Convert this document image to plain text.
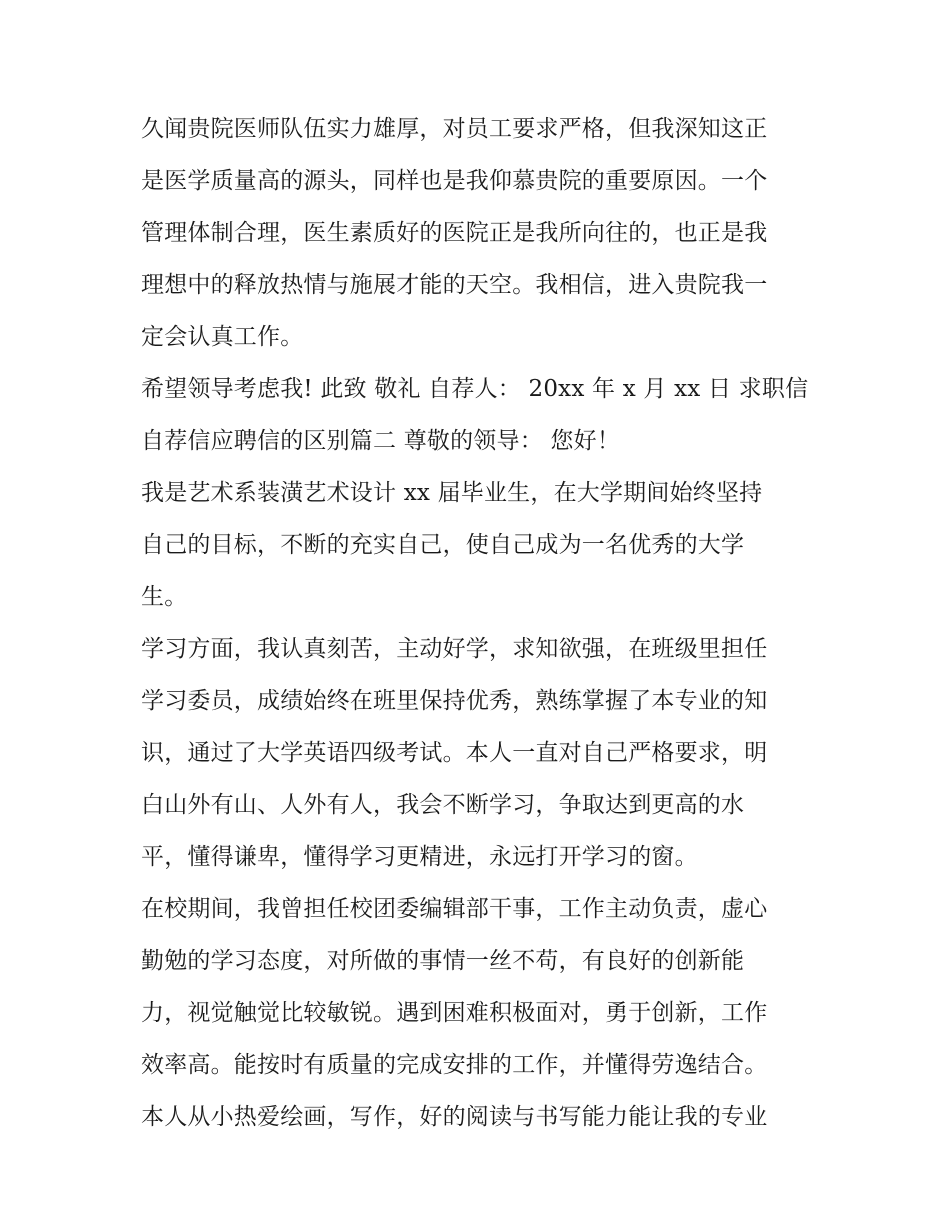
久闻贵院医师队伍实力雄厚，对员工要求严格，但我深知这正
是医学质量高的源头，同样也是我仰慕贵院的重要原因。一个
管理体制合理，医生素质好的医院正是我所向往的，也正是我
理想中的释放热情与施展才能的天空。我相信，进入贵院我一
定会认真工作。

希望领导考虑我! 此致 敬礼 自荐人： 20xx 年 x 月 xx 日 求职信
自荐信应聘信的区别篇二 尊敬的领导： 您好！

我是艺术系装潢艺术设计 xx 届毕业生，在大学期间始终坚持
自己的目标，不断的充实自己，使自己成为一名优秀的大学
生。

学习方面，我认真刻苦，主动好学，求知欲强，在班级里担任
学习委员，成绩始终在班里保持优秀，熟练掌握了本专业的知
识，通过了大学英语四级考试。本人一直对自己严格要求，明
白山外有山、人外有人，我会不断学习，争取达到更高的水
平，懂得谦卑，懂得学习更精进，永远打开学习的窗。

在校期间，我曾担任校团委编辑部干事，工作主动负责，虚心
勤勉的学习态度，对所做的事情一丝不苟，有良好的创新能
力，视觉触觉比较敏锐。遇到困难积极面对，勇于创新，工作
效率高。能按时有质量的完成安排的工作，并懂得劳逸结合。

本人从小热爱绘画，写作，好的阅读与书写能力能让我的专业
